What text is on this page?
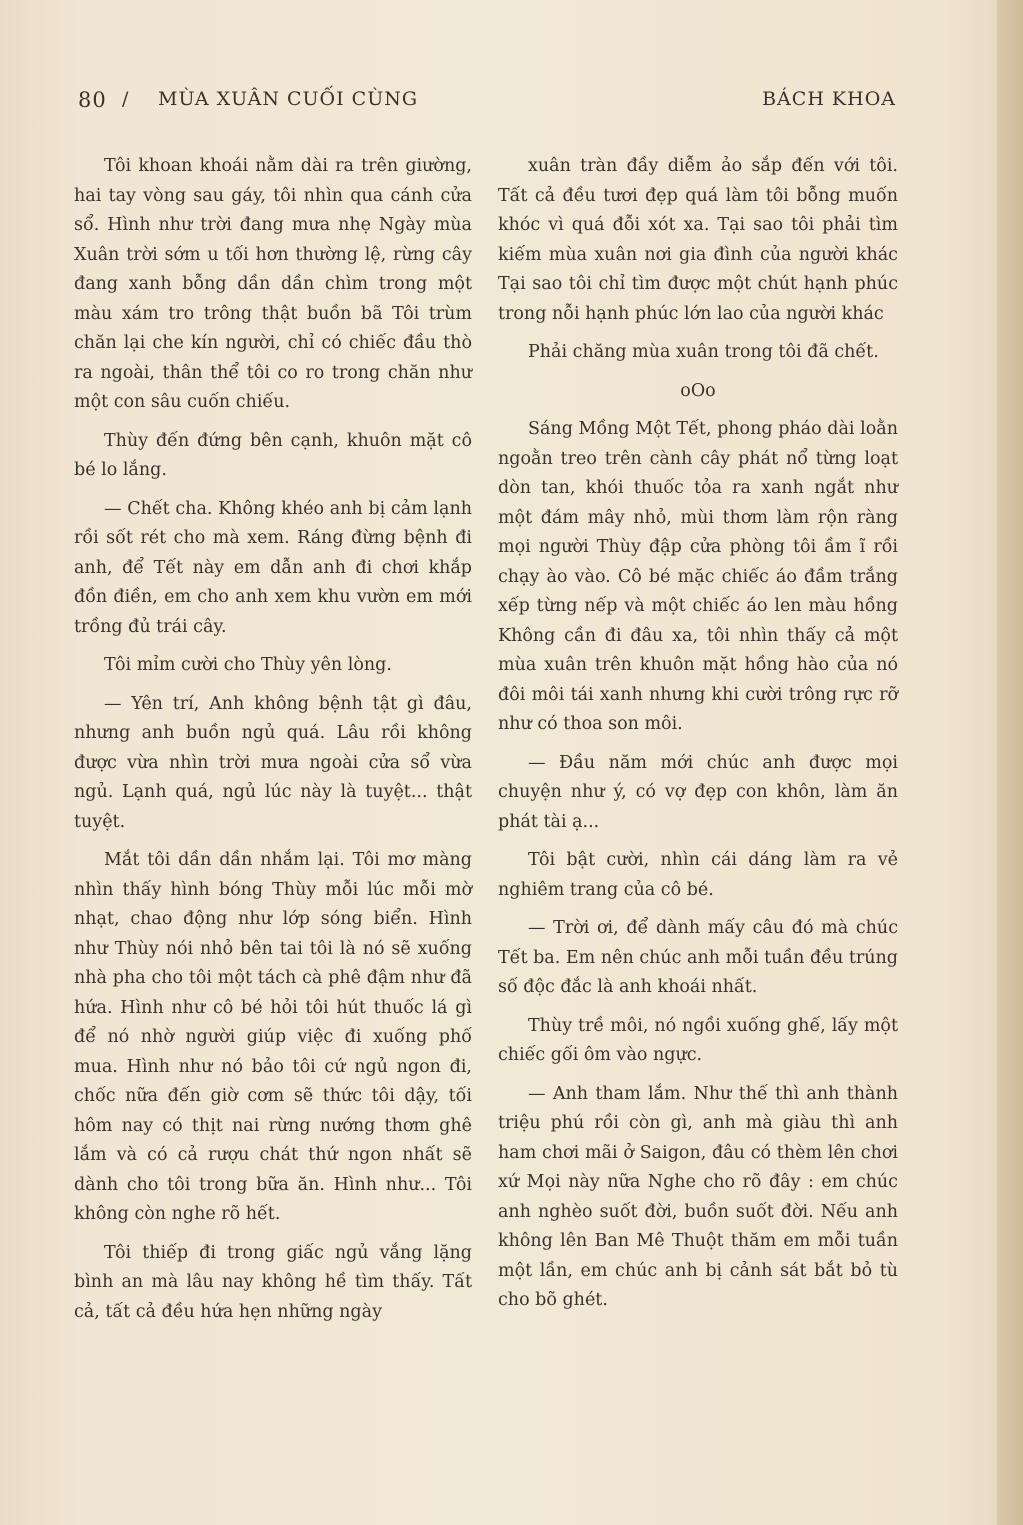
80 / MÙA XUÂN CUỐI CÙNG	BÁCH KHOA

Tôi khoan khoái nằm dài ra trên giường, hai tay vòng sau gáy, tôi nhìn qua cánh cửa sổ. Hình như trời đang mưa nhẹ Ngày mùa Xuân trời sớm u tối hơn thường lệ, rừng cây đang xanh bỗng dần dần chìm trong một màu xám tro trông thật buồn bã Tôi trùm chăn lại che kín người, chỉ có chiếc đầu thò ra ngoài, thân thể tôi co ro trong chăn như một con sâu cuốn chiếu.

Thùy đến đứng bên cạnh, khuôn mặt cô bé lo lắng.

— Chết cha. Không khéo anh bị cảm lạnh rồi sốt rét cho mà xem. Ráng đừng bệnh đi anh, để Tết này em dẫn anh đi chơi khắp đồn điền, em cho anh xem khu vườn em mới trồng đủ trái cây.

Tôi mỉm cười cho Thùy yên lòng.

— Yên trí, Anh không bệnh tật gì đâu, nhưng anh buồn ngủ quá. Lâu rồi không được vừa nhìn trời mưa ngoài cửa sổ vừa ngủ. Lạnh quá, ngủ lúc này là tuyệt... thật tuyệt.

Mắt tôi dần dần nhắm lại. Tôi mơ màng nhìn thấy hình bóng Thùy mỗi lúc mỗi mờ nhạt, chao động như lớp sóng biển. Hình như Thùy nói nhỏ bên tai tôi là nó sẽ xuống nhà pha cho tôi một tách cà phê đậm như đã hứa. Hình như cô bé hỏi tôi hút thuốc lá gì để nó nhờ người giúp việc đi xuống phố mua. Hình như nó bảo tôi cứ ngủ ngon đi, chốc nữa đến giờ cơm sẽ thức tôi dậy, tối hôm nay có thịt nai rừng nướng thơm ghê lắm và có cả rượu chát thứ ngon nhất sẽ dành cho tôi trong bữa ăn. Hình như... Tôi không còn nghe rõ hết.

Tôi thiếp đi trong giấc ngủ vắng lặng bình an mà lâu nay không hề tìm thấy. Tất cả, tất cả đều hứa hẹn những ngày

xuân tràn đầy diễm ảo sắp đến với tôi. Tất cả đều tươi đẹp quá làm tôi bỗng muốn khóc vì quá đỗi xót xa. Tại sao tôi phải tìm kiếm mùa xuân nơi gia đình của người khác Tại sao tôi chỉ tìm được một chút hạnh phúc trong nỗi hạnh phúc lớn lao của người khác

Phải chăng mùa xuân trong tôi đã chết.

oOo

Sáng Mồng Một Tết, phong pháo dài loằn ngoằn treo trên cành cây phát nổ từng loạt dòn tan, khói thuốc tỏa ra xanh ngắt như một đám mây nhỏ, mùi thơm làm rộn ràng mọi người Thùy đập cửa phòng tôi ầm ĩ rồi chạy ào vào. Cô bé mặc chiếc áo đầm trắng xếp từng nếp và một chiếc áo len màu hồng Không cần đi đâu xa, tôi nhìn thấy cả một mùa xuân trên khuôn mặt hồng hào của nó đôi môi tái xanh nhưng khi cười trông rực rỡ như có thoa son môi.

— Đầu năm mới chúc anh được mọi chuyện như ý, có vợ đẹp con khôn, làm ăn phát tài ạ...

Tôi bật cười, nhìn cái dáng làm ra vẻ nghiêm trang của cô bé.

— Trời ơi, để dành mấy câu đó mà chúc Tết ba. Em nên chúc anh mỗi tuần đều trúng số độc đắc là anh khoái nhất.

Thùy trề môi, nó ngồi xuống ghế, lấy một chiếc gối ôm vào ngực.

— Anh tham lắm. Như thế thì anh thành triệu phú rồi còn gì, anh mà giàu thì anh ham chơi mãi ở Saigon, đâu có thèm lên chơi xứ Mọi này nữa Nghe cho rõ đây : em chúc anh nghèo suốt đời, buồn suốt đời. Nếu anh không lên Ban Mê Thuột thăm em mỗi tuần một lần, em chúc anh bị cảnh sát bắt bỏ tù cho bõ ghét.
